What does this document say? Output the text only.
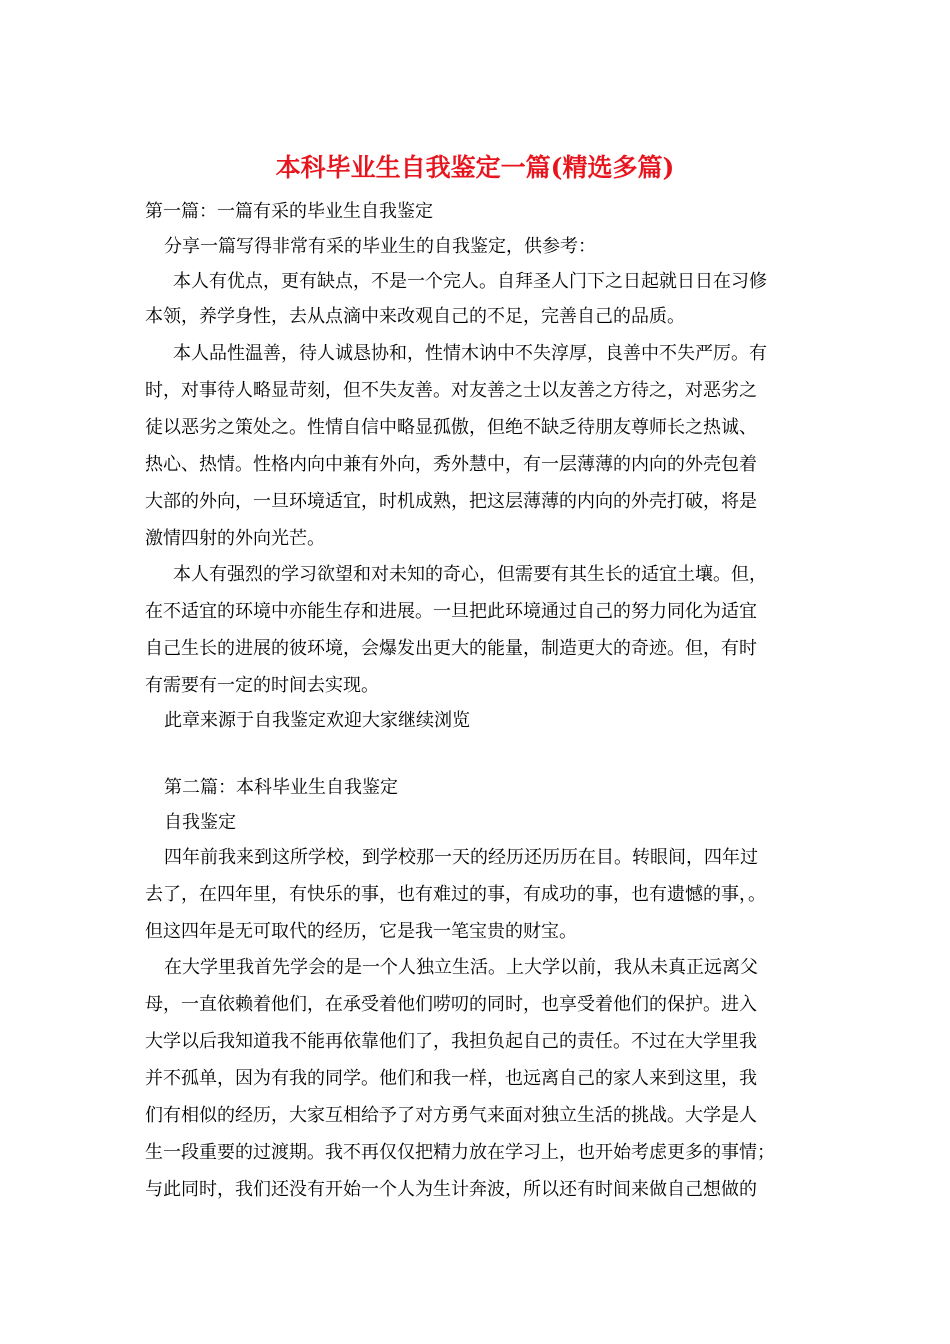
本科毕业生自我鉴定一篇(精选多篇)
第一篇：一篇有采的毕业生自我鉴定
分享一篇写得非常有采的毕业生的自我鉴定，供参考：
本人有优点，更有缺点，不是一个完人。自拜圣人门下之日起就日日在习修
本领，养学身性，去从点滴中来改观自己的不足，完善自己的品质。
本人品性温善，待人诚恳协和，性情木讷中不失淳厚，良善中不失严厉。有
时，对事待人略显苛刻，但不失友善。对友善之士以友善之方待之，对恶劣之
徒以恶劣之策处之。性情自信中略显孤傲，但绝不缺乏待朋友尊师长之热诚、
热心、热情。性格内向中兼有外向，秀外慧中，有一层薄薄的内向的外壳包着
大部的外向，一旦环境适宜，时机成熟，把这层薄薄的内向的外壳打破，将是
激情四射的外向光芒。
本人有强烈的学习欲望和对未知的奇心，但需要有其生长的适宜土壤。但，
在不适宜的环境中亦能生存和进展。一旦把此环境通过自己的努力同化为适宜
自己生长的进展的彼环境，会爆发出更大的能量，制造更大的奇迹。但，有时
有需要有一定的时间去实现。
此章来源于自我鉴定欢迎大家继续浏览
第二篇：本科毕业生自我鉴定
自我鉴定
四年前我来到这所学校，到学校那一天的经历还历历在目。转眼间，四年过
去了，在四年里，有快乐的事，也有难过的事，有成功的事，也有遗憾的事，。
但这四年是无可取代的经历，它是我一笔宝贵的财宝。
在大学里我首先学会的是一个人独立生活。上大学以前，我从未真正远离父
母，一直依赖着他们，在承受着他们唠叨的同时，也享受着他们的保护。进入
大学以后我知道我不能再依靠他们了，我担负起自己的责任。不过在大学里我
并不孤单，因为有我的同学。他们和我一样，也远离自己的家人来到这里，我
们有相似的经历，大家互相给予了对方勇气来面对独立生活的挑战。大学是人
生一段重要的过渡期。我不再仅仅把精力放在学习上，也开始考虑更多的事情；
与此同时，我们还没有开始一个人为生计奔波，所以还有时间来做自己想做的
